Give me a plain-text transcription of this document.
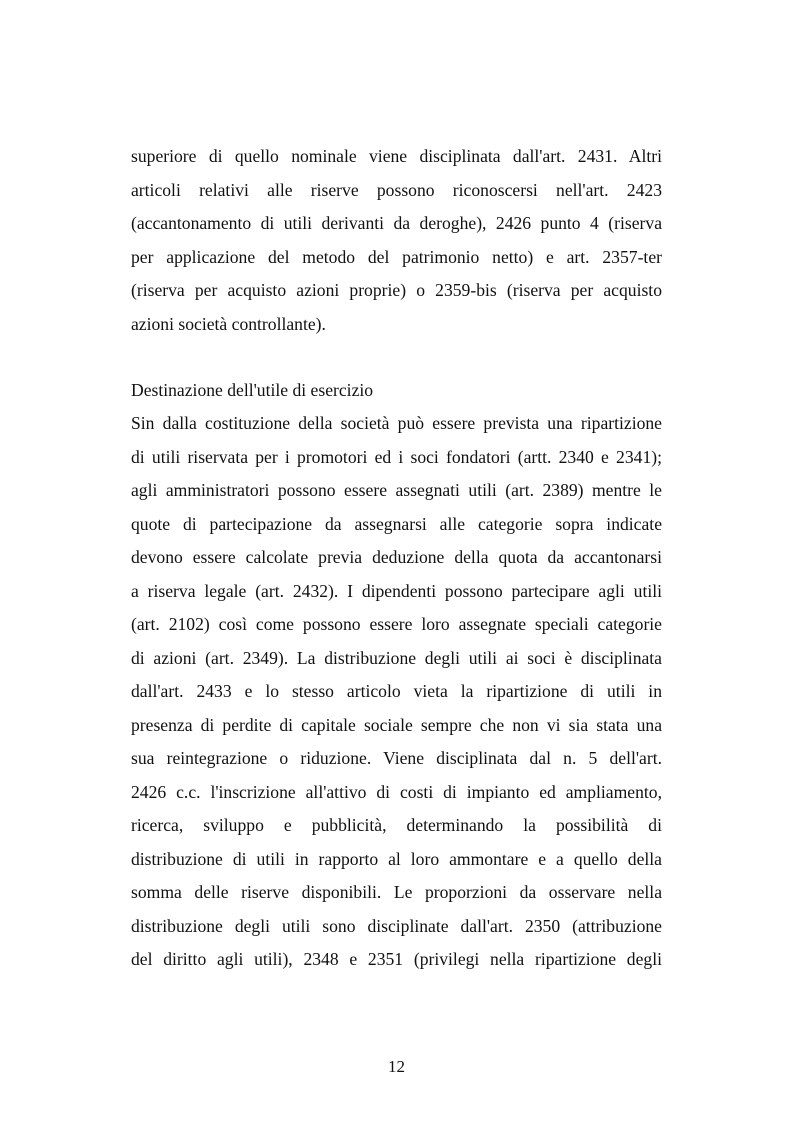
superiore di quello nominale viene disciplinata dall'art. 2431. Altri
articoli relativi alle riserve possono riconoscersi nell'art. 2423
(accantonamento di utili derivanti da deroghe), 2426 punto 4 (riserva
per applicazione del metodo del patrimonio netto) e art. 2357-ter
(riserva per acquisto azioni proprie) o 2359-bis (riserva per acquisto
azioni società controllante).
Destinazione dell'utile di esercizio
Sin dalla costituzione della società può essere prevista una ripartizione
di utili riservata per i promotori ed i soci fondatori (artt. 2340 e 2341);
agli amministratori possono essere assegnati utili (art. 2389) mentre le
quote di partecipazione da assegnarsi alle categorie sopra indicate
devono essere calcolate previa deduzione della quota da accantonarsi
a riserva legale (art. 2432). I dipendenti possono partecipare agli utili
(art. 2102) così come possono essere loro assegnate speciali categorie
di azioni (art. 2349). La distribuzione degli utili ai soci è disciplinata
dall'art. 2433 e lo stesso articolo vieta la ripartizione di utili in
presenza di perdite di capitale sociale sempre che non vi sia stata una
sua reintegrazione o riduzione. Viene disciplinata dal n. 5 dell'art.
2426 c.c. l'inscrizione all'attivo di costi di impianto ed ampliamento,
ricerca, sviluppo e pubblicità, determinando la possibilità di
distribuzione di utili in rapporto al loro ammontare e a quello della
somma delle riserve disponibili. Le proporzioni da osservare nella
distribuzione degli utili sono disciplinate dall'art. 2350 (attribuzione
del diritto agli utili), 2348 e 2351 (privilegi nella ripartizione degli
12
